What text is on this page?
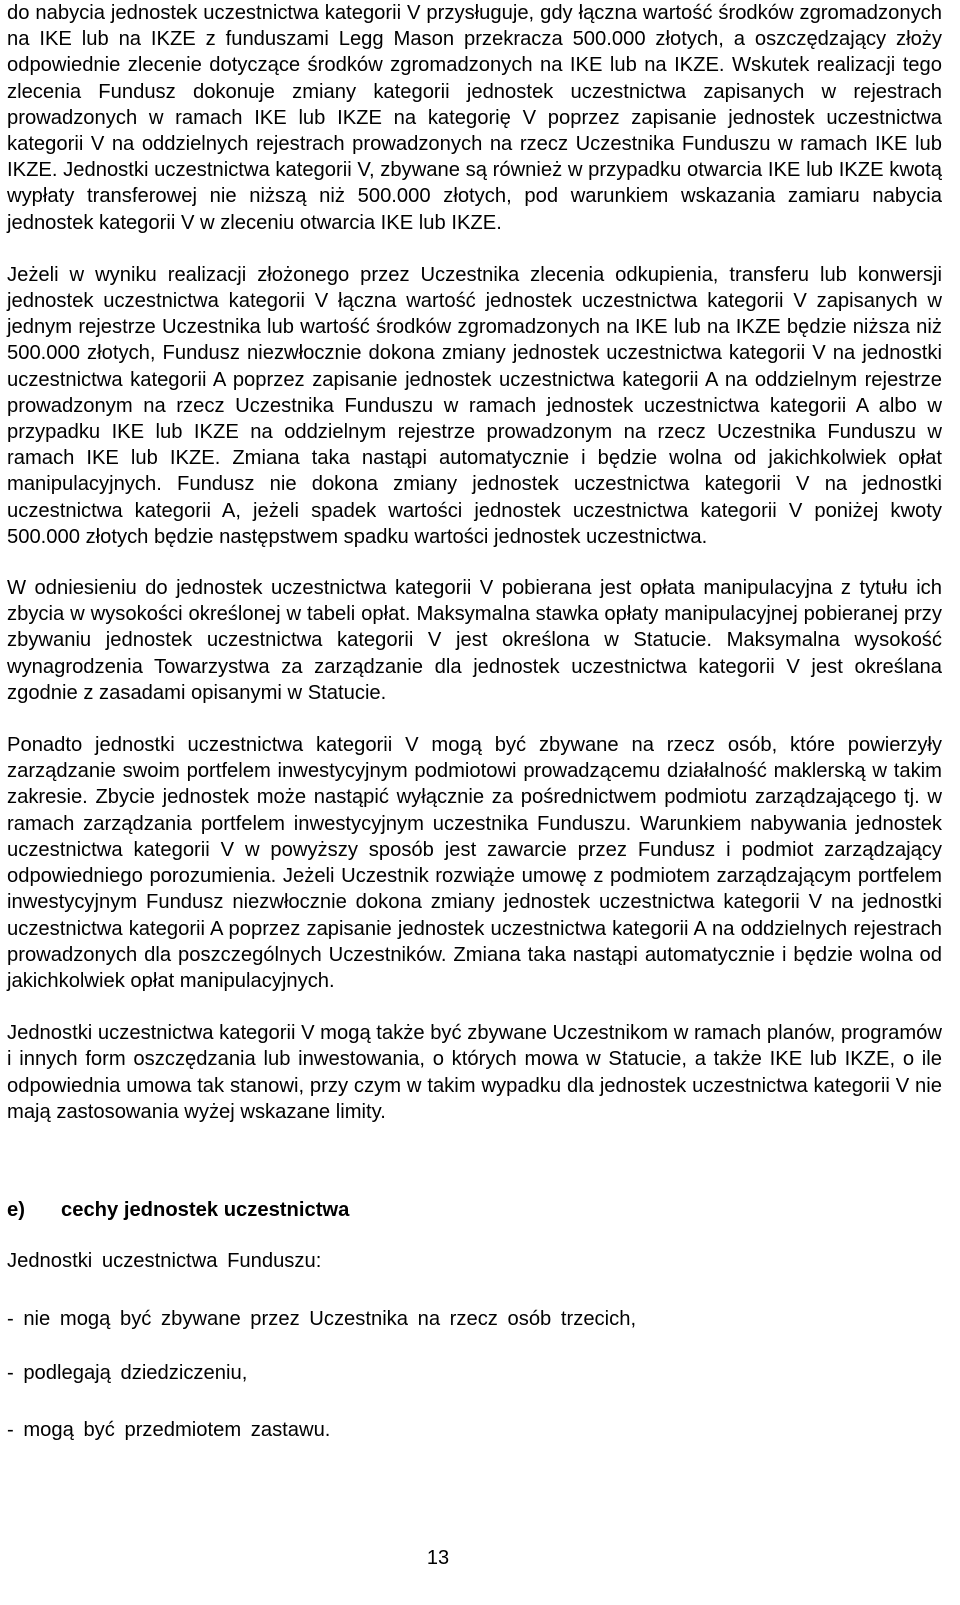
do nabycia jednostek uczestnictwa kategorii V przysługuje, gdy łączna wartość środków zgromadzonych na IKE lub na IKZE z funduszami Legg Mason przekracza 500.000 złotych, a oszczędzający złoży odpowiednie zlecenie dotyczące środków zgromadzonych na IKE lub na IKZE. Wskutek realizacji tego zlecenia Fundusz dokonuje zmiany kategorii jednostek uczestnictwa zapisanych w rejestrach prowadzonych w ramach IKE lub IKZE na kategorię V poprzez zapisanie jednostek uczestnictwa kategorii V na oddzielnych rejestrach prowadzonych na rzecz Uczestnika Funduszu w ramach IKE lub IKZE. Jednostki uczestnictwa kategorii V, zbywane są również w przypadku otwarcia IKE lub IKZE kwotą wypłaty transferowej nie niższą niż 500.000 złotych, pod warunkiem wskazania zamiaru nabycia jednostek kategorii V w zleceniu otwarcia IKE lub IKZE.

Jeżeli w wyniku realizacji złożonego przez Uczestnika zlecenia odkupienia, transferu lub konwersji jednostek uczestnictwa kategorii V łączna wartość jednostek uczestnictwa kategorii V zapisanych w jednym rejestrze Uczestnika lub wartość środków zgromadzonych na IKE lub na IKZE będzie niższa niż 500.000 złotych, Fundusz niezwłocznie dokona zmiany jednostek uczestnictwa kategorii V na jednostki uczestnictwa kategorii A poprzez zapisanie jednostek uczestnictwa kategorii A na oddzielnym rejestrze prowadzonym na rzecz Uczestnika Funduszu w ramach jednostek uczestnictwa kategorii A albo w przypadku IKE lub IKZE na oddzielnym rejestrze prowadzonym na rzecz Uczestnika Funduszu w ramach IKE lub IKZE. Zmiana taka nastąpi automatycznie i będzie wolna od jakichkolwiek opłat manipulacyjnych. Fundusz nie dokona zmiany jednostek uczestnictwa kategorii V na jednostki uczestnictwa kategorii A, jeżeli spadek wartości jednostek uczestnictwa kategorii V poniżej kwoty 500.000 złotych będzie następstwem spadku wartości jednostek uczestnictwa.

W odniesieniu do jednostek uczestnictwa kategorii V pobierana jest opłata manipulacyjna z tytułu ich zbycia w wysokości określonej w tabeli opłat. Maksymalna stawka opłaty manipulacyjnej pobieranej przy zbywaniu jednostek uczestnictwa kategorii V jest określona w Statucie. Maksymalna wysokość wynagrodzenia Towarzystwa za zarządzanie dla jednostek uczestnictwa kategorii V jest określana zgodnie z zasadami opisanymi w Statucie.

Ponadto jednostki uczestnictwa kategorii V mogą być zbywane na rzecz osób, które powierzyły zarządzanie swoim portfelem inwestycyjnym podmiotowi prowadzącemu działalność maklerską w takim zakresie. Zbycie jednostek może nastąpić wyłącznie za pośrednictwem podmiotu zarządzającego tj. w ramach zarządzania portfelem inwestycyjnym uczestnika Funduszu. Warunkiem nabywania jednostek uczestnictwa kategorii V w powyższy sposób jest zawarcie przez Fundusz i podmiot zarządzający odpowiedniego porozumienia. Jeżeli Uczestnik rozwiąże umowę z podmiotem zarządzającym portfelem inwestycyjnym Fundusz niezwłocznie dokona zmiany jednostek uczestnictwa kategorii V na jednostki uczestnictwa kategorii A poprzez zapisanie jednostek uczestnictwa kategorii A na oddzielnych rejestrach prowadzonych dla poszczególnych Uczestników. Zmiana taka nastąpi automatycznie i będzie wolna od jakichkolwiek opłat manipulacyjnych.

Jednostki uczestnictwa kategorii V mogą także być zbywane Uczestnikom w ramach planów, programów i innych form oszczędzania lub inwestowania, o których mowa w Statucie, a także IKE lub IKZE, o ile odpowiednia umowa tak stanowi, przy czym w takim wypadku dla jednostek uczestnictwa kategorii V nie mają zastosowania wyżej wskazane limity.

e) cechy jednostek uczestnictwa

Jednostki uczestnictwa Funduszu:

- nie mogą być zbywane przez Uczestnika na rzecz osób trzecich,

- podlegają dziedziczeniu,

- mogą być przedmiotem zastawu.

13
